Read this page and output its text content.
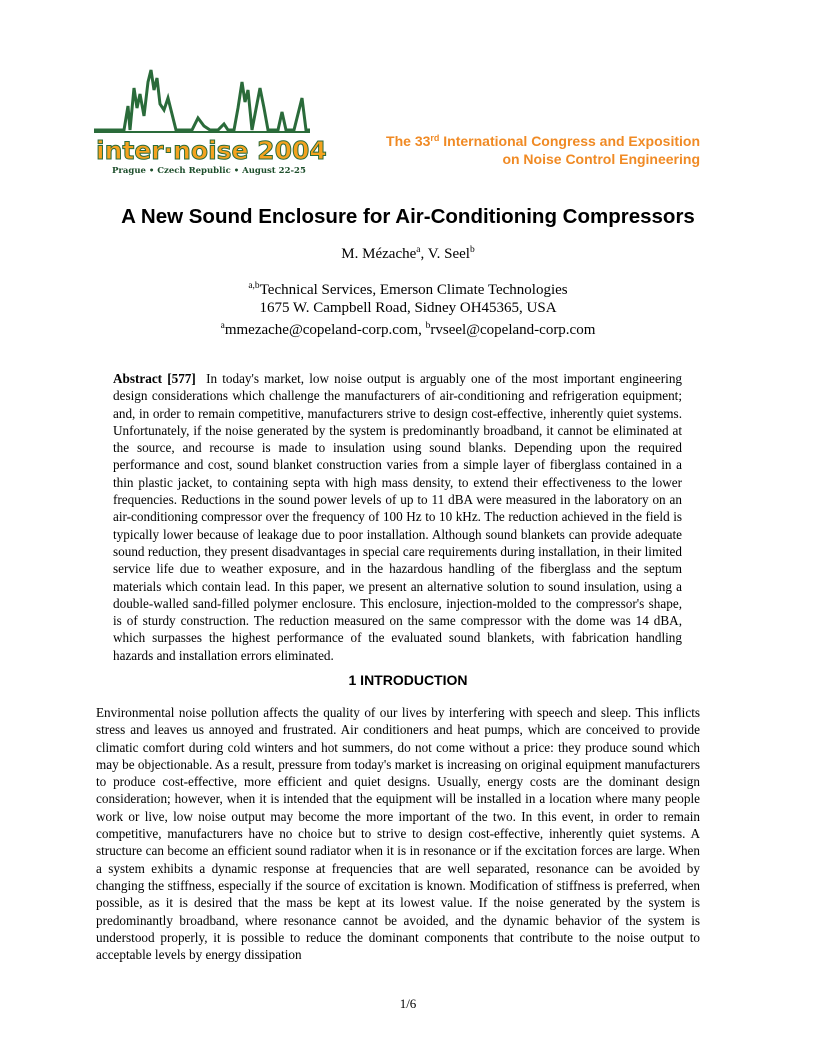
inter·noise 2004
Prague • Czech Republic • August 22-25
The 33rd International Congress and Exposition
on Noise Control Engineering
A New Sound Enclosure for Air-Conditioning Compressors
M. Mézache$^a$, V. Seel$^b$
$^{a,b}$Technical Services, Emerson Climate Technologies
1675 W. Campbell Road, Sidney OH45365, USA
$^a$mmezache@copeland-corp.com, $^b$rvseel@copeland-corp.com
Abstract [577] In today's market, low noise output is arguably one of the most important engineering design considerations which challenge the manufacturers of air-conditioning and refrigeration equipment; and, in order to remain competitive, manufacturers strive to design cost-effective, inherently quiet systems. Unfortunately, if the noise generated by the system is predominantly broadband, it cannot be eliminated at the source, and recourse is made to insulation using sound blanks. Depending upon the required performance and cost, sound blanket construction varies from a simple layer of fiberglass contained in a thin plastic jacket, to containing septa with high mass density, to extend their effectiveness to the lower frequencies. Reductions in the sound power levels of up to 11 dBA were measured in the laboratory on an air-conditioning compressor over the frequency of 100 Hz to 10 kHz. The reduction achieved in the field is typically lower because of leakage due to poor installation. Although sound blankets can provide adequate sound reduction, they present disadvantages in special care requirements during installation, in their limited service life due to weather exposure, and in the hazardous handling of the fiberglass and the septum materials which contain lead. In this paper, we present an alternative solution to sound insulation, using a double-walled sand-filled polymer enclosure. This enclosure, injection-molded to the compressor's shape, is of sturdy construction. The reduction measured on the same compressor with the dome was 14 dBA, which surpasses the highest performance of the evaluated sound blankets, with fabrication handling hazards and installation errors eliminated.
1 INTRODUCTION
Environmental noise pollution affects the quality of our lives by interfering with speech and sleep. This inflicts stress and leaves us annoyed and frustrated. Air conditioners and heat pumps, which are conceived to provide climatic comfort during cold winters and hot summers, do not come without a price: they produce sound which may be objectionable. As a result, pressure from today's market is increasing on original equipment manufacturers to produce cost-effective, more efficient and quiet designs. Usually, energy costs are the dominant design consideration; however, when it is intended that the equipment will be installed in a location where many people work or live, low noise output may become the more important of the two. In this event, in order to remain competitive, manufacturers have no choice but to strive to design cost-effective, inherently quiet systems. A structure can become an efficient sound radiator when it is in resonance or if the excitation forces are large. When a system exhibits a dynamic response at frequencies that are well separated, resonance can be avoided by changing the stiffness, especially if the source of excitation is known. Modification of stiffness is preferred, when possible, as it is desired that the mass be kept at its lowest value. If the noise generated by the system is predominantly broadband, where resonance cannot be avoided, and the dynamic behavior of the system is understood properly, it is possible to reduce the dominant components that contribute to the noise output to acceptable levels by energy dissipation
1/6
